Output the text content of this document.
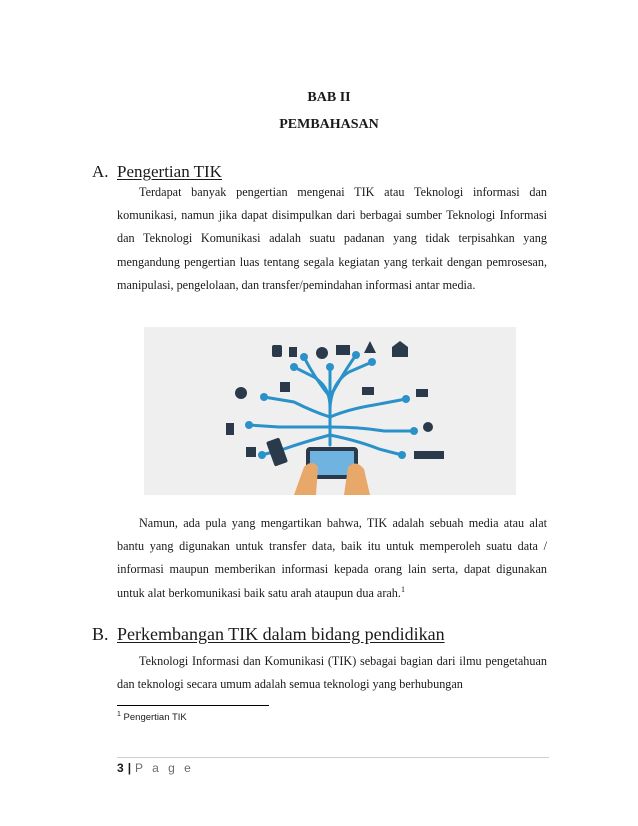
BAB II
PEMBAHASAN
A. Pengertian TIK
Terdapat banyak pengertian mengenai TIK atau Teknologi informasi dan komunikasi, namun jika dapat disimpulkan dari berbagai sumber Teknologi Informasi dan Teknologi Komunikasi adalah suatu padanan yang tidak terpisahkan yang mengandung pengertian luas tentang segala kegiatan yang terkait dengan pemrosesan, manipulasi, pengelolaan, dan transfer/pemindahan informasi antar media.
Namun, ada pula yang mengartikan bahwa, TIK adalah sebuah media atau alat bantu yang digunakan untuk transfer data, baik itu untuk memperoleh suatu data / informasi maupun memberikan informasi kepada orang lain serta, dapat digunakan untuk alat berkomunikasi baik satu arah ataupun dua arah.$^1$
B. Perkembangan TIK dalam bidang pendidikan
Teknologi Informasi dan Komunikasi (TIK) sebagai bagian dari ilmu pengetahuan dan teknologi secara umum adalah semua teknologi yang berhubungan
$^1$ Pengertian TIK
3 | P a g e
